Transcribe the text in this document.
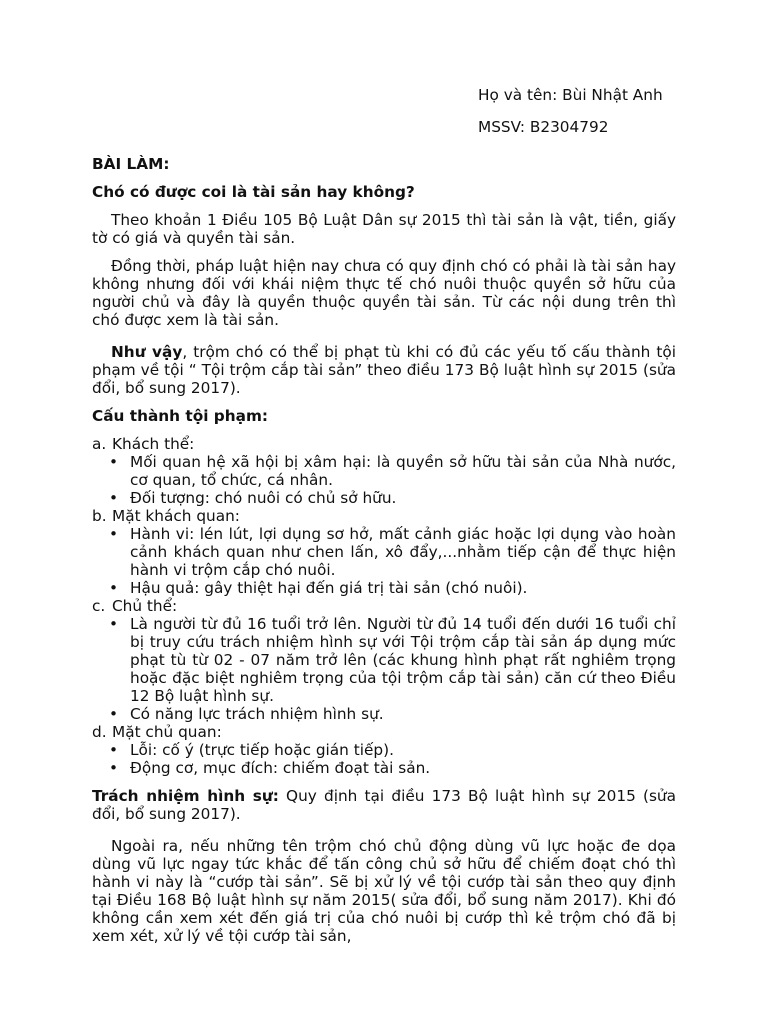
Họ và tên: Bùi Nhật Anh

MSSV: B2304792

BÀI LÀM:

Chó có được coi là tài sản hay không?

Theo khoản 1 Điều 105 Bộ Luật Dân sự 2015 thì tài sản là vật, tiền, giấy tờ có giá và quyền tài sản.

Đồng thời, pháp luật hiện nay chưa có quy định chó có phải là tài sản hay không nhưng đối với khái niệm thực tế chó nuôi thuộc quyền sở hữu của người chủ và đây là quyền thuộc quyền tài sản. Từ các nội dung trên thì chó được xem là tài sản.

Như vậy, trộm chó có thể bị phạt tù khi có đủ các yếu tố cấu thành tội phạm về tội “ Tội trộm cắp tài sản” theo điều 173 Bộ luật hình sự 2015 (sửa đổi, bổ sung 2017).

Cấu thành tội phạm:

a. Khách thể:

• Mối quan hệ xã hội bị xâm hại: là quyền sở hữu tài sản của Nhà nước, cơ quan, tổ chức, cá nhân.
• Đối tượng: chó nuôi có chủ sở hữu.

b. Mặt khách quan:

• Hành vi: lén lút, lợi dụng sơ hở, mất cảnh giác hoặc lợi dụng vào hoàn cảnh khách quan như chen lấn, xô đẩy,...nhằm tiếp cận để thực hiện hành vi trộm cắp chó nuôi.
• Hậu quả: gây thiệt hại đến giá trị tài sản (chó nuôi).

c. Chủ thể:

• Là người từ đủ 16 tuổi trở lên. Người từ đủ 14 tuổi đến dưới 16 tuổi chỉ bị truy cứu trách nhiệm hình sự với Tội trộm cắp tài sản áp dụng mức phạt tù từ 02 - 07 năm trở lên (các khung hình phạt rất nghiêm trọng hoặc đặc biệt nghiêm trọng của tội trộm cắp tài sản) căn cứ theo Điều 12 Bộ luật hình sự.
• Có năng lực trách nhiệm hình sự.

d. Mặt chủ quan:

• Lỗi: cố ý (trực tiếp hoặc gián tiếp).
• Động cơ, mục đích: chiếm đoạt tài sản.

Trách nhiệm hình sự: Quy định tại điều 173 Bộ luật hình sự 2015 (sửa đổi, bổ sung 2017).

Ngoài ra, nếu những tên trộm chó chủ động dùng vũ lực hoặc đe dọa dùng vũ lực ngay tức khắc để tấn công chủ sở hữu để chiếm đoạt chó thì hành vi này là “cướp tài sản”. Sẽ bị xử lý về tội cướp tài sản theo quy định tại Điều 168 Bộ luật hình sự năm 2015( sửa đổi, bổ sung năm 2017). Khi đó không cần xem xét đến giá trị của chó nuôi bị cướp thì kẻ trộm chó đã bị xem xét, xử lý về tội cướp tài sản,
